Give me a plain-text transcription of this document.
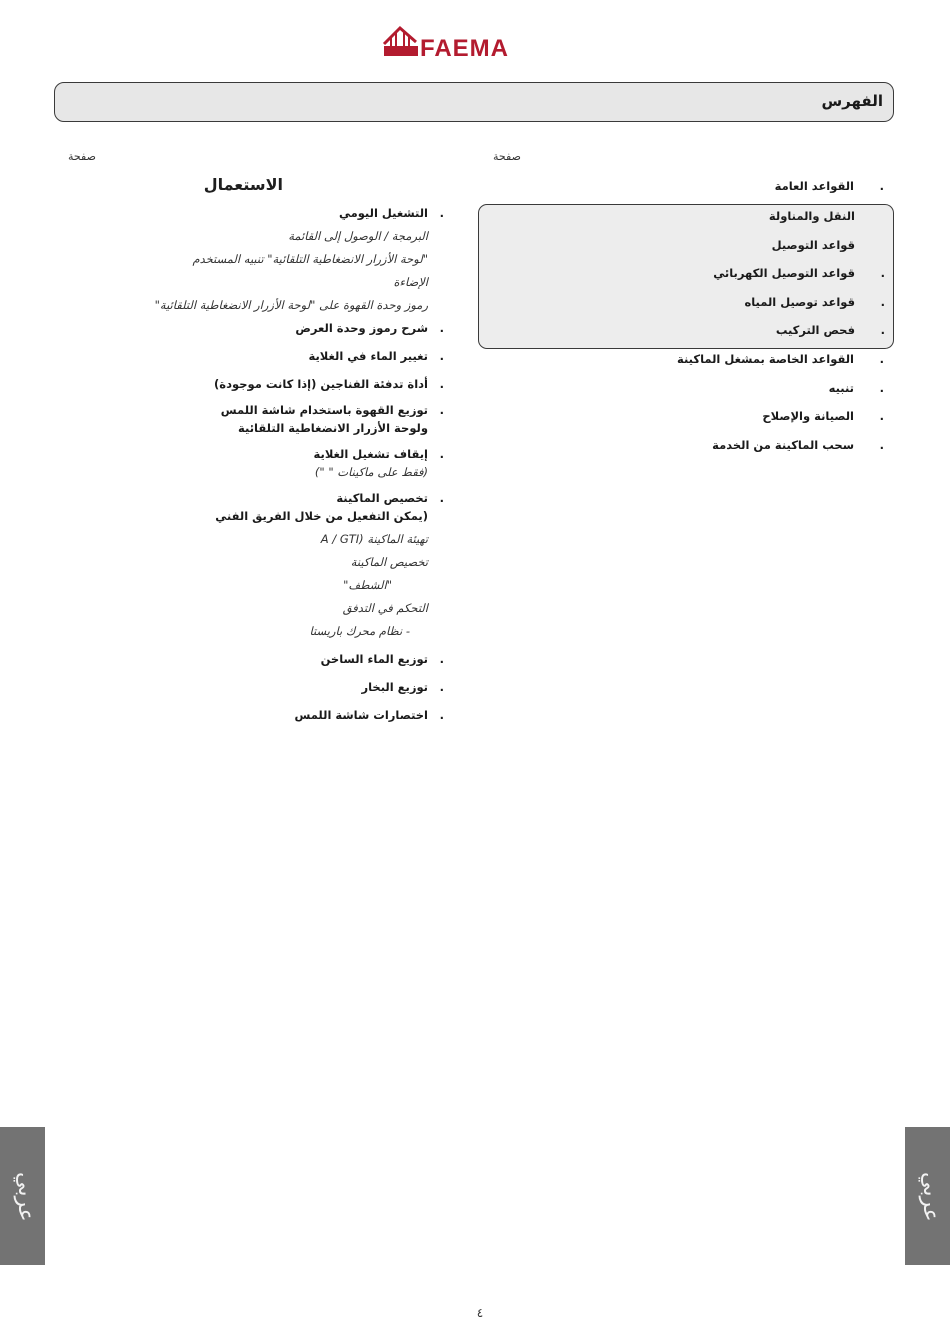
FAEMA
الفهرس
صفحة
صفحة
القواعد العامة .
النقل والمناولة
قواعد التوصيل
قواعد التوصيل الكهربائي .
قواعد توصيل المياه .
فحص التركيب .
القواعد الخاصة بمشغل الماكينة .
تنبيه .
الصيانة والإصلاح .
سحب الماكينة من الخدمة .
الاستعمال
التشغيل اليومي .
البرمجة / الوصول إلى القائمة
"لوحة الأزرار الانضغاطية التلقائية" تنبيه المستخدم
الإضاءة
رموز وحدة القهوة على "لوحة الأزرار الانضغاطية التلقائية"
شرح رموز وحدة العرض .
تغيير الماء في الغلاية .
أداة تدفئة الفناجين (إذا كانت موجودة) .
توزيع القهوة باستخدام شاشة اللمس .
ولوحة الأزرار الانضغاطية التلقائية
إيقاف تشغيل الغلاية .
(فقط على ماكينات " ")
تخصيص الماكينة .
(يمكن التفعيل من خلال الفريق الفني
تهيئة الماكينة (A / GTI
تخصيص الماكينة
"الشطف"
التحكم في التدفق
- نظام محرك باريستا
توزيع الماء الساخن .
توزيع البخار .
اختصارات شاشة اللمس .
عربي	عربي
٤
